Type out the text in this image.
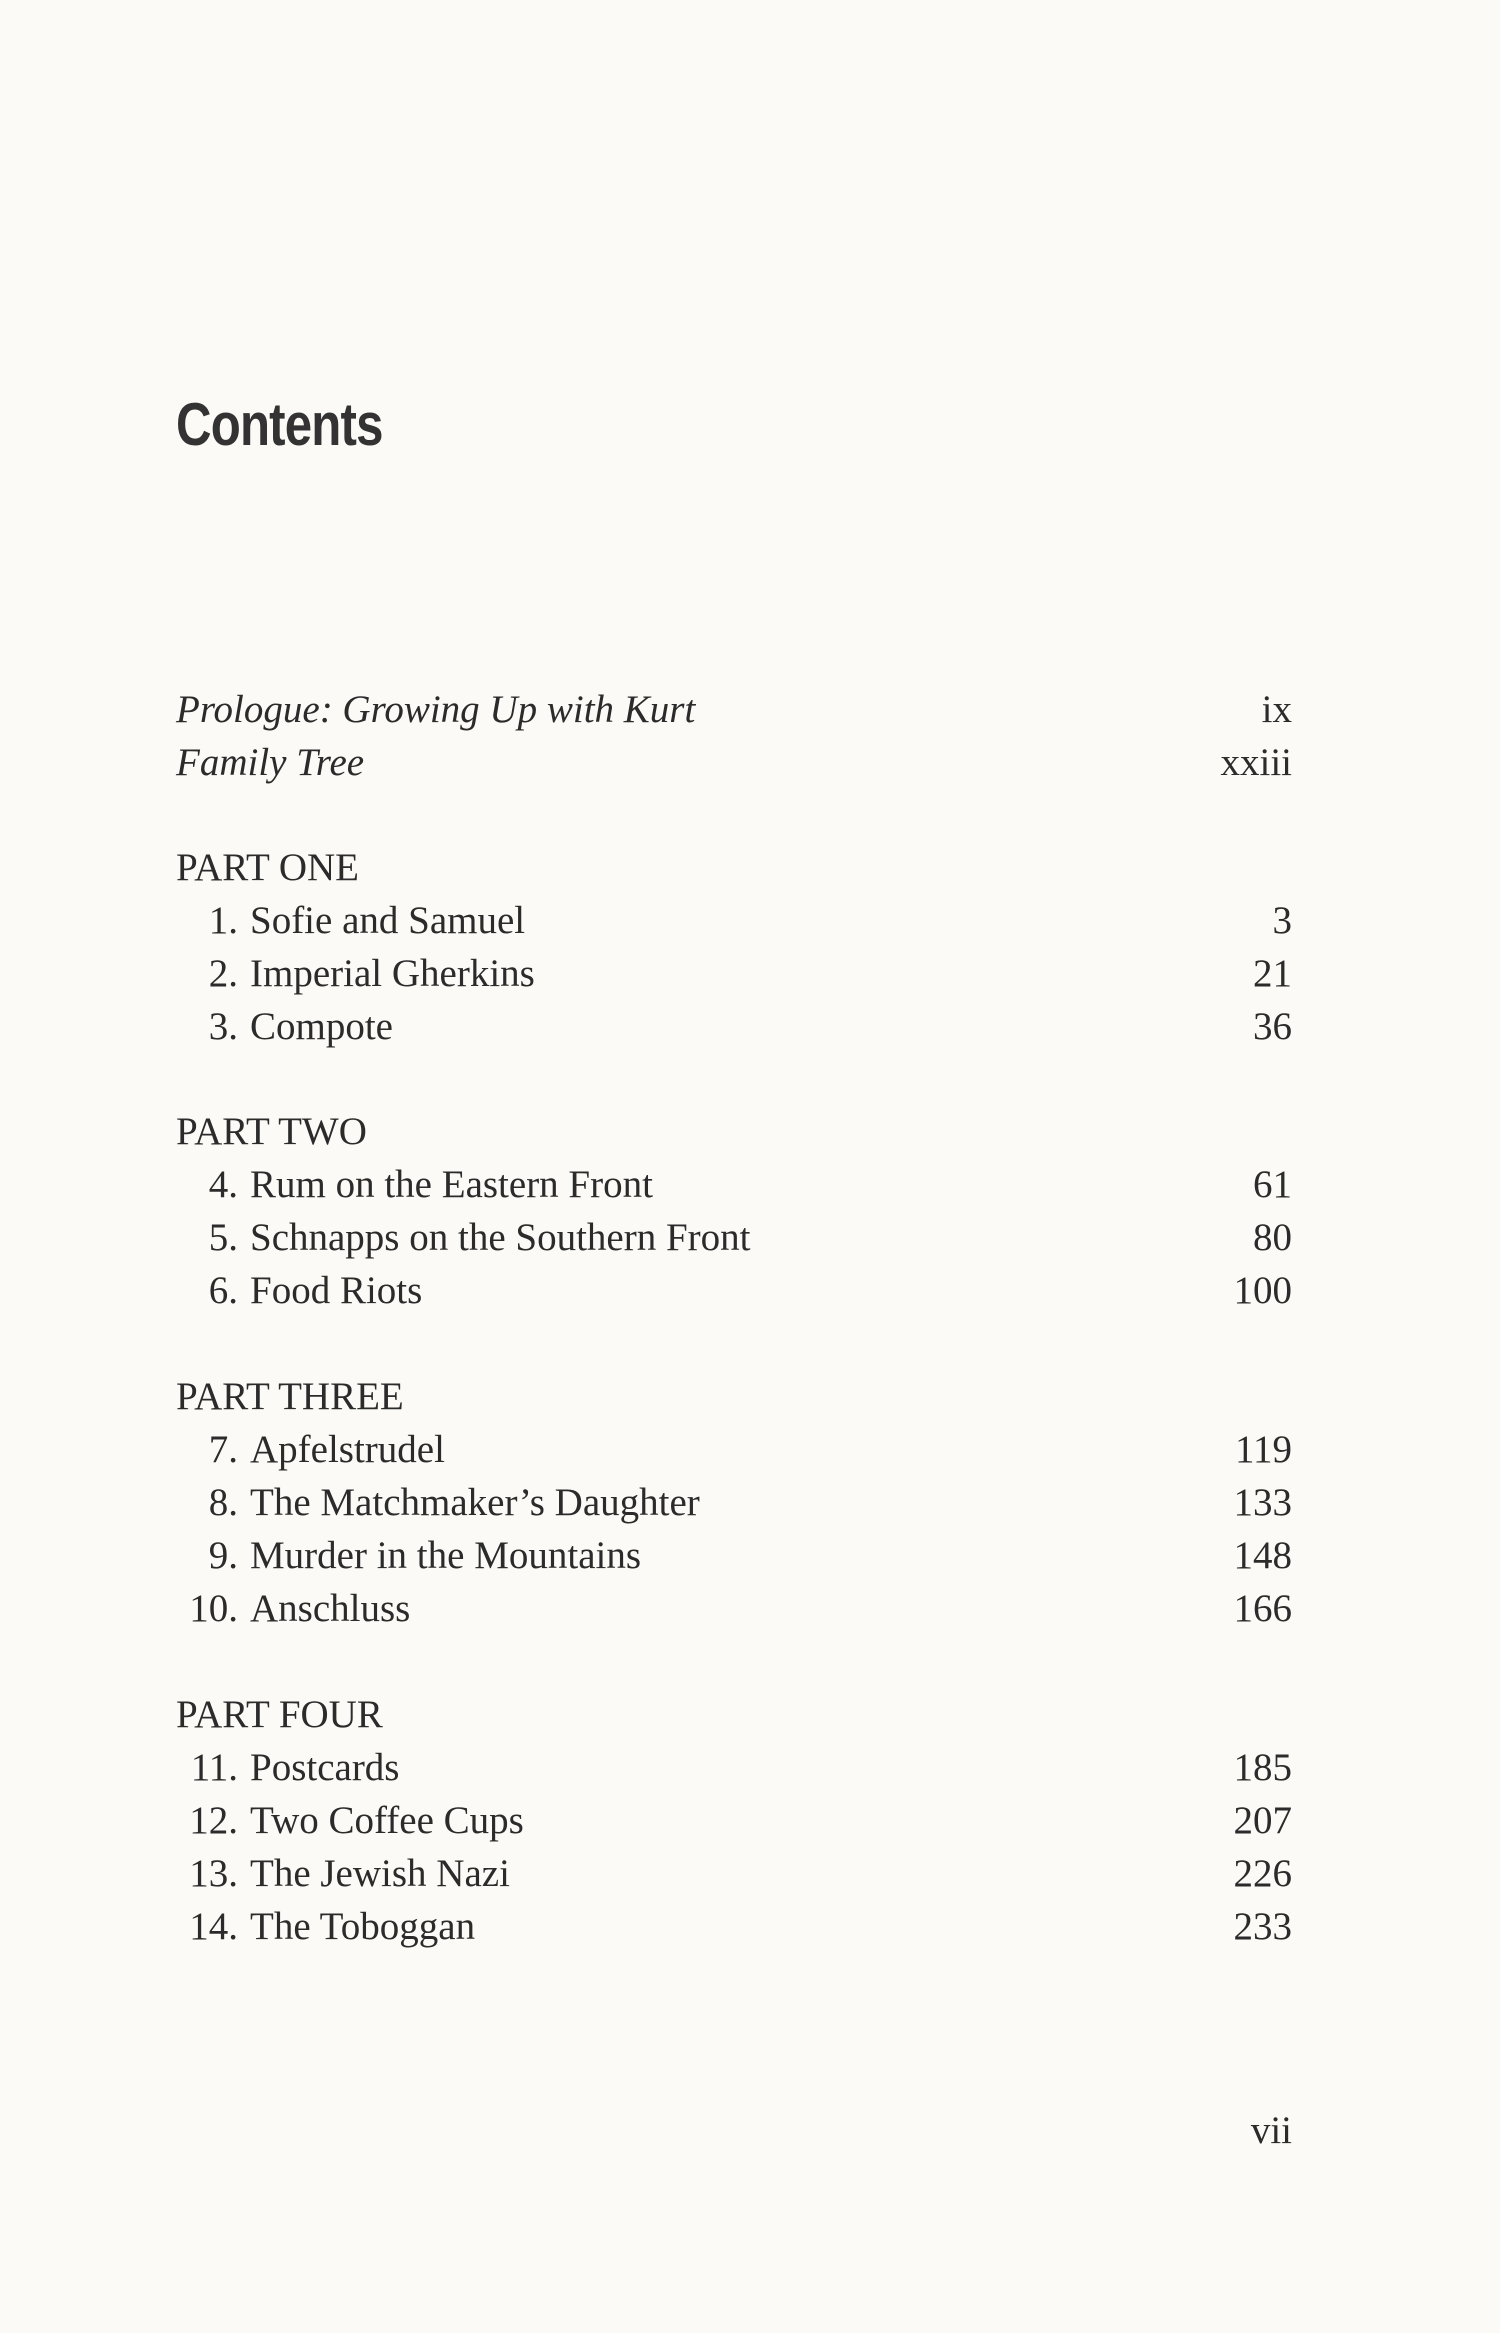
Contents
Prologue: Growing Up with Kurt	ix
Family Tree	xxiii
PART ONE
1. Sofie and Samuel	3
2. Imperial Gherkins	21
3. Compote	36
PART TWO
4. Rum on the Eastern Front	61
5. Schnapps on the Southern Front	80
6. Food Riots	100
PART THREE
7. Apfelstrudel	119
8. The Matchmaker’s Daughter	133
9. Murder in the Mountains	148
10. Anschluss	166
PART FOUR
11. Postcards	185
12. Two Coffee Cups	207
13. The Jewish Nazi	226
14. The Toboggan	233
vii
